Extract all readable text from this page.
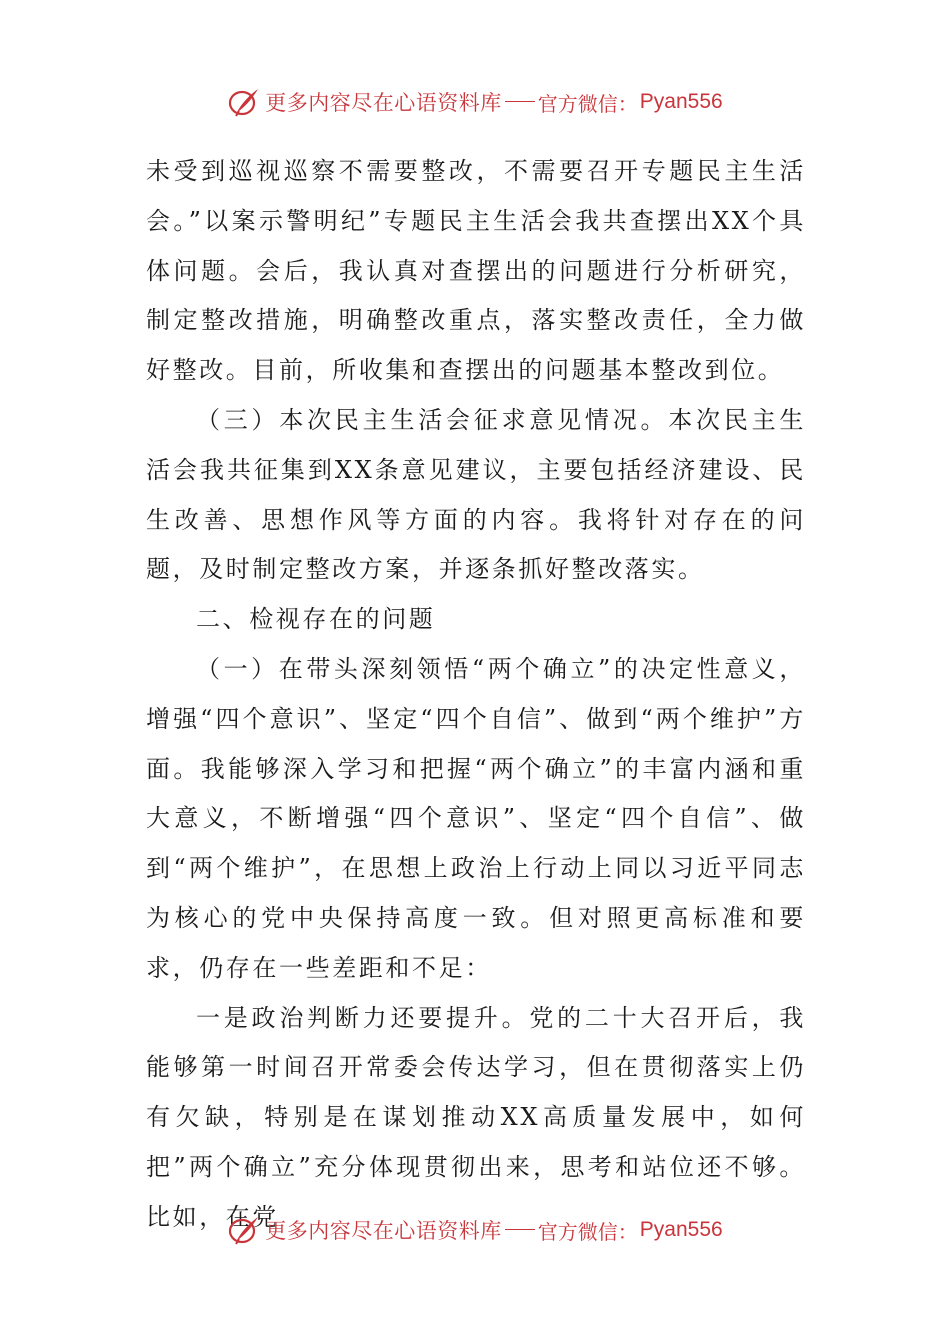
更多内容尽在心语资料库 官方微信： Pyan556

未受到巡视巡察不需要整改，不需要召开专题民主生活会。”以案示警明纪”专题民主生活会我共查摆出XX个具体问题。会后，我认真对查摆出的问题进行分析研究，制定整改措施，明确整改重点，落实整改责任，全力做好整改。目前，所收集和查摆出的问题基本整改到位。

（三）本次民主生活会征求意见情况。本次民主生活会我共征集到XX条意见建议，主要包括经济建设、民生改善、思想作风等方面的内容。我将针对存在的问题，及时制定整改方案，并逐条抓好整改落实。

二、检视存在的问题

（一）在带头深刻领悟“两个确立”的决定性意义，增强“四个意识”、坚定“四个自信”、做到“两个维护”方面。我能够深入学习和把握“两个确立”的丰富内涵和重大意义，不断增强“四个意识”、坚定“四个自信”、做到“两个维护”，在思想上政治上行动上同以习近平同志为核心的党中央保持高度一致。但对照更高标准和要求，仍存在一些差距和不足：

一是政治判断力还要提升。党的二十大召开后，我能够第一时间召开常委会传达学习，但在贯彻落实上仍有欠缺，特别是在谋划推动XX高质量发展中，如何把”两个确立”充分体现贯彻出来，思考和站位还不够。比如，在党

更多内容尽在心语资料库 官方微信： Pyan556
